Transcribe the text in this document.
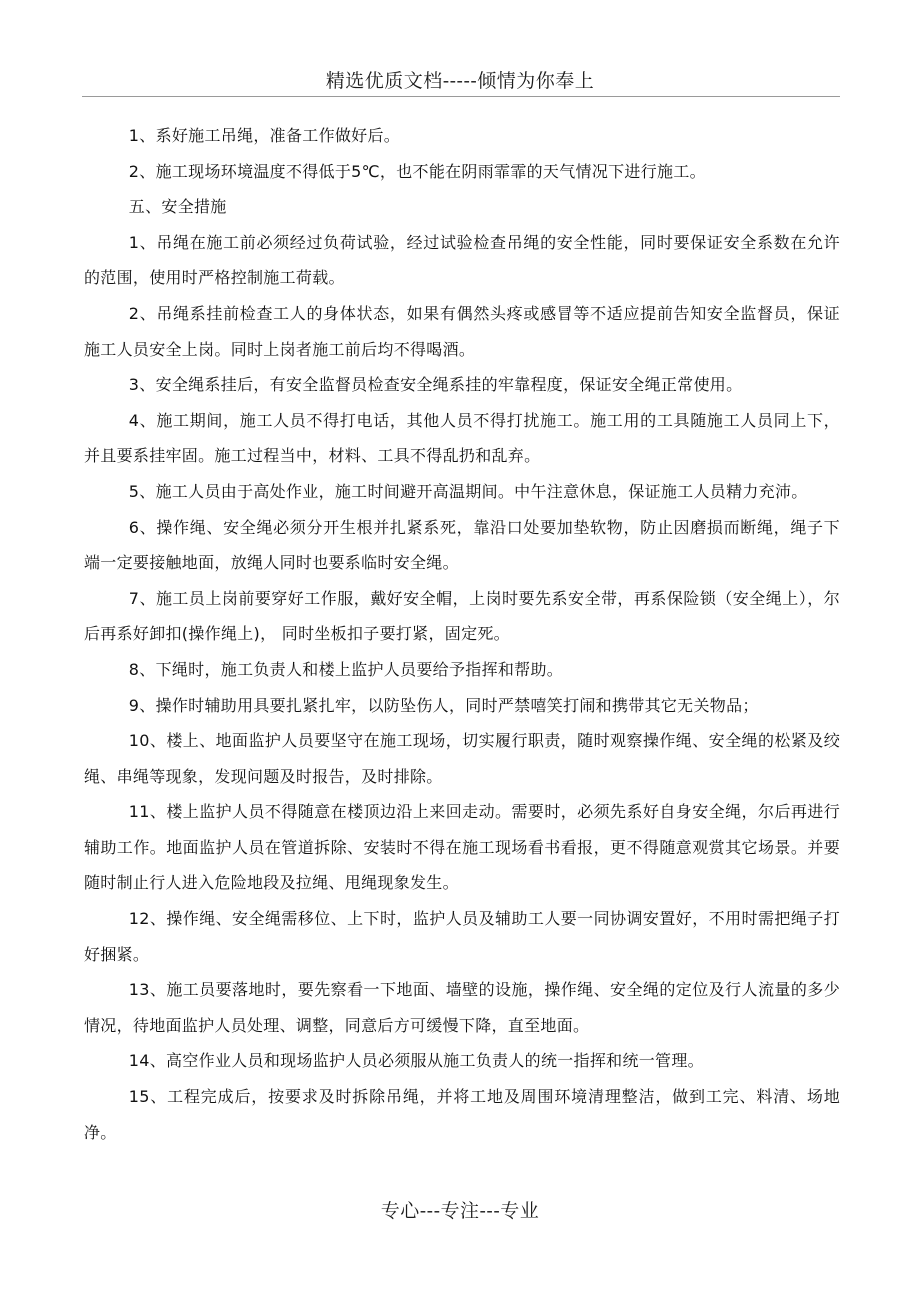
精选优质文档-----倾情为你奉上

1、系好施工吊绳，准备工作做好后。

2、施工现场环境温度不得低于5℃，也不能在阴雨霏霏的天气情况下进行施工。

五、安全措施

1、吊绳在施工前必须经过负荷试验，经过试验检查吊绳的安全性能，同时要保证安全系数在允许的范围，使用时严格控制施工荷载。

2、吊绳系挂前检查工人的身体状态，如果有偶然头疼或感冒等不适应提前告知安全监督员，保证施工人员安全上岗。同时上岗者施工前后均不得喝酒。

3、安全绳系挂后，有安全监督员检查安全绳系挂的牢靠程度，保证安全绳正常使用。

4、施工期间，施工人员不得打电话，其他人员不得打扰施工。施工用的工具随施工人员同上下，并且要系挂牢固。施工过程当中，材料、工具不得乱扔和乱弃。

5、施工人员由于高处作业，施工时间避开高温期间。中午注意休息，保证施工人员精力充沛。

6、操作绳、安全绳必须分开生根并扎紧系死，靠沿口处要加垫软物，防止因磨损而断绳，绳子下端一定要接触地面，放绳人同时也要系临时安全绳。

7、施工员上岗前要穿好工作服，戴好安全帽，上岗时要先系安全带，再系保险锁（安全绳上），尔后再系好卸扣(操作绳上)， 同时坐板扣子要打紧，固定死。

8、下绳时，施工负责人和楼上监护人员要给予指挥和帮助。

9、操作时辅助用具要扎紧扎牢，以防坠伤人，同时严禁嘻笑打闹和携带其它无关物品；

10、楼上、地面监护人员要坚守在施工现场，切实履行职责，随时观察操作绳、安全绳的松紧及绞绳、串绳等现象，发现问题及时报告，及时排除。

11、楼上监护人员不得随意在楼顶边沿上来回走动。需要时，必须先系好自身安全绳，尔后再进行辅助工作。地面监护人员在管道拆除、安装时不得在施工现场看书看报，更不得随意观赏其它场景。并要随时制止行人进入危险地段及拉绳、甩绳现象发生。

12、操作绳、安全绳需移位、上下时，监护人员及辅助工人要一同协调安置好，不用时需把绳子打好捆紧。

13、施工员要落地时，要先察看一下地面、墙壁的设施，操作绳、安全绳的定位及行人流量的多少情况，待地面监护人员处理、调整，同意后方可缓慢下降，直至地面。

14、高空作业人员和现场监护人员必须服从施工负责人的统一指挥和统一管理。

15、工程完成后，按要求及时拆除吊绳，并将工地及周围环境清理整洁，做到工完、料清、场地净。

专心---专注---专业
